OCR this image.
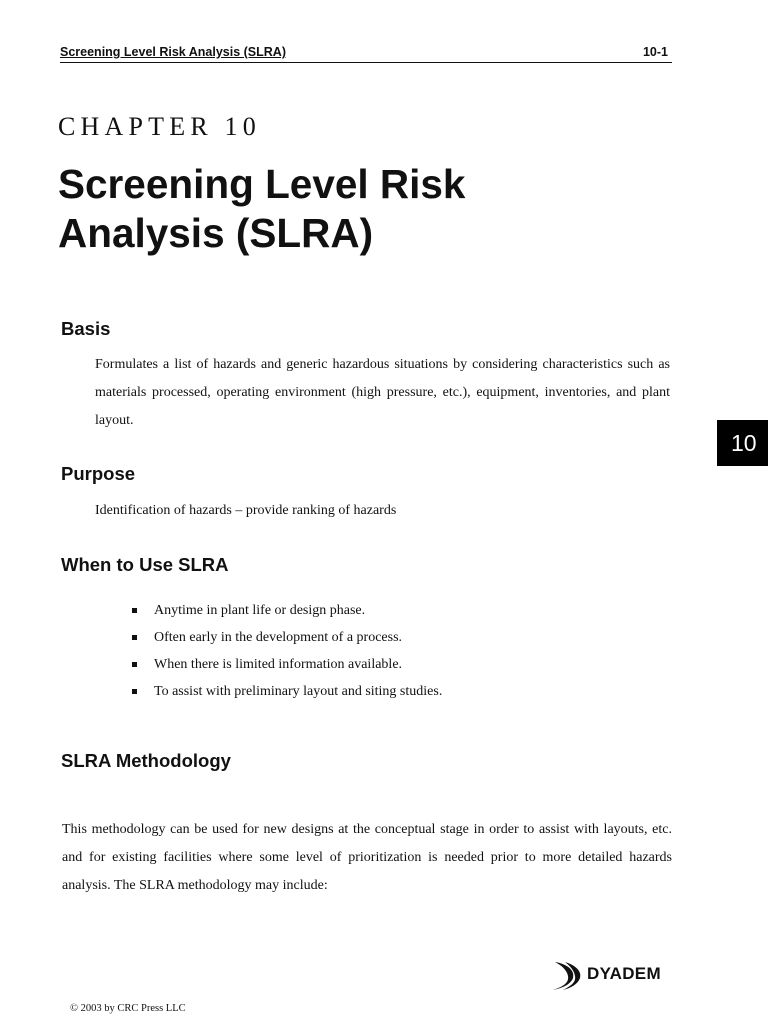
Screening Level Risk Analysis (SLRA)	10-1
CHAPTER 10
Screening Level Risk
Analysis (SLRA)
10
Basis
Formulates a list of hazards and generic hazardous situations by considering characteristics such as materials processed, operating environment (high pressure, etc.), equipment, inventories, and plant layout.
Purpose
Identification of hazards – provide ranking of hazards
When to Use SLRA
Anytime in plant life or design phase.
Often early in the development of a process.
When there is limited information available.
To assist with preliminary layout and siting studies.
SLRA Methodology
This methodology can be used for new designs at the conceptual stage in order to assist with layouts, etc. and for existing facilities where some level of prioritization is needed prior to more detailed hazards analysis. The SLRA methodology may include:
DYADEM
© 2003 by CRC Press LLC
